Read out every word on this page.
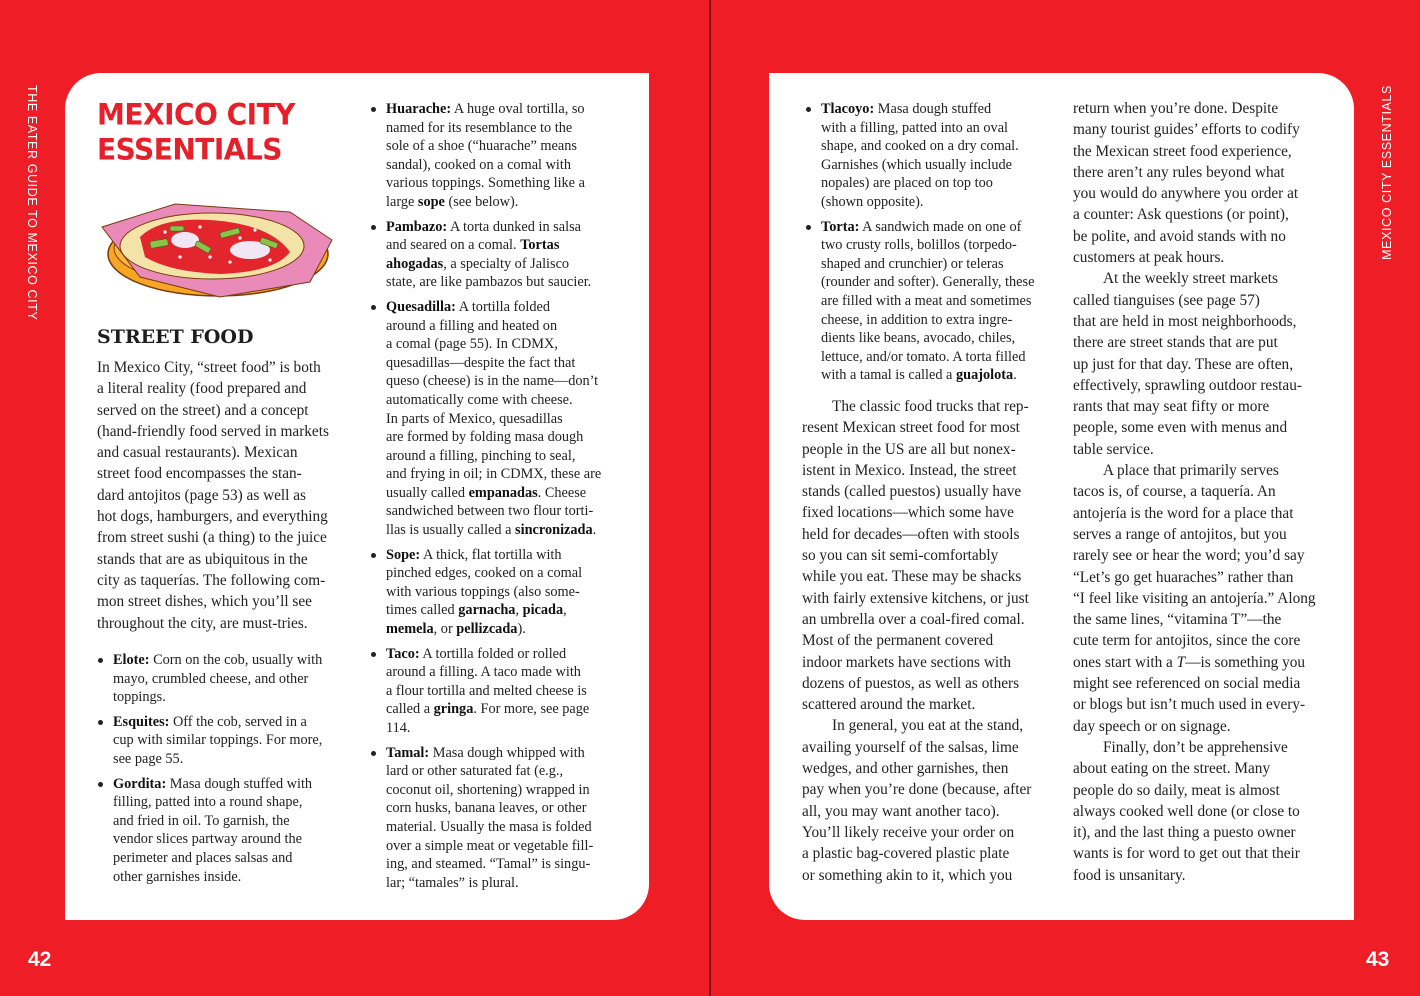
THE EATER GUIDE TO MEXICO CITY	MEXICO CITY ESSENTIALS
42	43
MEXICO CITY
ESSENTIALS
STREET FOOD
In Mexico City, “street food” is both
a literal reality (food prepared and
served on the street) and a concept
(hand-friendly food served in markets
and casual restaurants). Mexican
street food encompasses the stan-
dard antojitos (page 53) as well as
hot dogs, hamburgers, and everything
from street sushi (a thing) to the juice
stands that are as ubiquitous in the
city as taquerías. The following com-
mon street dishes, which you’ll see
throughout the city, are must-tries.
Elote: Corn on the cob, usually with
mayo, crumbled cheese, and other
toppings.
Esquites: Off the cob, served in a
cup with similar toppings. For more,
see page 55.
Gordita: Masa dough stuffed with
filling, patted into a round shape,
and fried in oil. To garnish, the
vendor slices partway around the
perimeter and places salsas and
other garnishes inside.
Huarache: A huge oval tortilla, so
named for its resemblance to the
sole of a shoe (“huarache” means
sandal), cooked on a comal with
various toppings. Something like a
large sope (see below).
Pambazo: A torta dunked in salsa
and seared on a comal. Tortas
ahogadas, a specialty of Jalisco
state, are like pambazos but saucier.
Quesadilla: A tortilla folded
around a filling and heated on
a comal (page 55). In CDMX,
quesadillas—despite the fact that
queso (cheese) is in the name—don’t
automatically come with cheese.
In parts of Mexico, quesadillas
are formed by folding masa dough
around a filling, pinching to seal,
and frying in oil; in CDMX, these are
usually called empanadas. Cheese
sandwiched between two flour torti-
llas is usually called a sincronizada.
Sope: A thick, flat tortilla with
pinched edges, cooked on a comal
with various toppings (also some-
times called garnacha, picada,
memela, or pellizcada).
Taco: A tortilla folded or rolled
around a filling. A taco made with
a flour tortilla and melted cheese is
called a gringa. For more, see page
114.
Tamal: Masa dough whipped with
lard or other saturated fat (e.g.,
coconut oil, shortening) wrapped in
corn husks, banana leaves, or other
material. Usually the masa is folded
over a simple meat or vegetable fill-
ing, and steamed. “Tamal” is singu-
lar; “tamales” is plural.
Tlacoyo: Masa dough stuffed
with a filling, patted into an oval
shape, and cooked on a dry comal.
Garnishes (which usually include
nopales) are placed on top too
(shown opposite).
Torta: A sandwich made on one of
two crusty rolls, bolillos (torpedo-
shaped and crunchier) or teleras
(rounder and softer). Generally, these
are filled with a meat and sometimes
cheese, in addition to extra ingre-
dients like beans, avocado, chiles,
lettuce, and/or tomato. A torta filled
with a tamal is called a guajolota.
The classic food trucks that rep-
resent Mexican street food for most
people in the US are all but nonex-
istent in Mexico. Instead, the street
stands (called puestos) usually have
fixed locations—which some have
held for decades—often with stools
so you can sit semi-comfortably
while you eat. These may be shacks
with fairly extensive kitchens, or just
an umbrella over a coal-fired comal.
Most of the permanent covered
indoor markets have sections with
dozens of puestos, as well as others
scattered around the market.
In general, you eat at the stand,
availing yourself of the salsas, lime
wedges, and other garnishes, then
pay when you’re done (because, after
all, you may want another taco).
You’ll likely receive your order on
a plastic bag-covered plastic plate
or something akin to it, which you
return when you’re done. Despite
many tourist guides’ efforts to codify
the Mexican street food experience,
there aren’t any rules beyond what
you would do anywhere you order at
a counter: Ask questions (or point),
be polite, and avoid stands with no
customers at peak hours.
At the weekly street markets
called tianguises (see page 57)
that are held in most neighborhoods,
there are street stands that are put
up just for that day. These are often,
effectively, sprawling outdoor restau-
rants that may seat fifty or more
people, some even with menus and
table service.
A place that primarily serves
tacos is, of course, a taquería. An
antojería is the word for a place that
serves a range of antojitos, but you
rarely see or hear the word; you’d say
“Let’s go get huaraches” rather than
“I feel like visiting an antojería.” Along
the same lines, “vitamina T”—the
cute term for antojitos, since the core
ones start with a T—is something you
might see referenced on social media
or blogs but isn’t much used in every-
day speech or on signage.
Finally, don’t be apprehensive
about eating on the street. Many
people do so daily, meat is almost
always cooked well done (or close to
it), and the last thing a puesto owner
wants is for word to get out that their
food is unsanitary.
